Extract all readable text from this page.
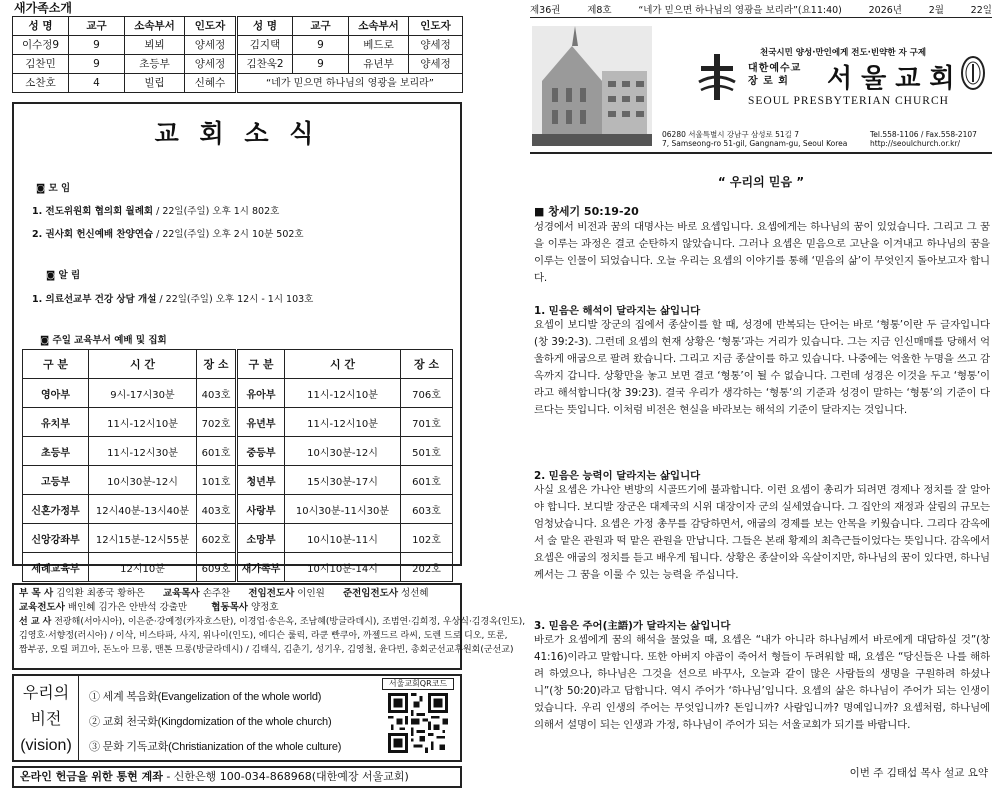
새가족소개
성 명	교구	소속부서	인도자	성 명	교구	소속부서	인도자
이수정9	9	뵈뵈	양세정	김지택	9	베드로	양세정
김찬민	9	초등부	양세정	김찬욱2	9	유년부	양세정
소찬호	4	빌립	신혜수	“네가 믿으면 하나님의 영광을 보리라”			
교 회 소 식
◙ 모 임
1. 전도위원회 협의회 월례회 / 22일(주일) 오후 1시 802호
2. 권사회 헌신예배 찬양연습 / 22일(주일) 오후 2시 10분 502호
◙ 알 림
1. 의료선교부 건강 상담 개설 / 22일(주일) 오후 12시 - 1시 103호
◙ 주일 교육부서 예배 및 집회
구 분	시 간	장 소	구 분	시 간	장 소
영아부	9시-17시30분	403호	유아부	11시-12시10분	706호
유치부	11시-12시10분	702호	유년부	11시-12시10분	701호
초등부	11시-12시30분	601호	중등부	10시30분-12시	501호
고등부	10시30분-12시	101호	청년부	15시30분-17시	601호
신혼가정부	12시40분-13시40분	403호	사랑부	10시30분-11시30분	603호
신앙강좌부	12시15분-12시55분	602호	소망부	10시10분-11시	102호
세례교육부	12시10분	609호	새가족부	10시10분-14시	202호
부 목 사 김익환 최종국 황하은 교육목사 손주찬 전임전도사 이인원 준전임전도사 성선혜
교육전도사 배인혜 김가은 안반석 강출만	협동목사 양정호
선 교 사 전광해(서아시아), 이은준·강예정(카자흐스탄), 이경업·송은옥, 조남혜(방글라데시), 조범연·김희정, 우상식·김경옥(인도),
김영호·서향정(러시아) / 이삭, 비스타파, 사지, 위나이(인도), 에디슨 룰릭, 라쿤 빤쿠아, 까젤드르 라씨, 도렌 드로 디오, 또룬,
짬부공, 오릴 퍼끄아, 돈노아 므롱, 맨톤 므롱(방글라데시) / 김태식, 김춘기, 성기우, 김영철, 윤다빈, 총회군선교후원회(군선교)
우리의
비전
(vision)
① 세계 복음화(Evangelization of the whole world)
② 교회 천국화(Kingdomization of the whole church)
③ 문화 기독교화(Christianization of the whole culture)
서울교회QR코드
온라인 헌금을 위한 통현 계좌 - 신한은행 100-034-868968(대한예장 서울교회)
제36권	제8호	“네가 믿으면 하나님의 영광을 보리라”(요11:40)	2026년	2월	22일
천국시민 양성·만인에게 전도·빈약한 자 구제
대한예수교
장 로 회	서울교회
SEOUL PRESBYTERIAN CHURCH
06280 서울특별시 강남구 삼성로 51길 7
7, Samseong-ro 51-gil, Gangnam-gu, Seoul Korea
Tel.558-1106 / Fax.558-2107
http://seoulchurch.or.kr/
“ 우리의 믿음 ”
■ 창세기 50:19-20
성경에서 비전과 꿈의 대명사는 바로 요셉입니다. 요셉에게는 하나님의 꿈이 있었습니다. 그리고 그 꿈을 이루는 과정은 결코 순탄하지 않았습니다. 그러나 요셉은 믿음으로 고난을 이겨내고 하나님의 꿈을 이루는 인물이 되었습니다. 오늘 우리는 요셉의 이야기를 통해 ‘믿음의 삶’이 무엇인지 돌아보고자 합니다.
1. 믿음은 해석이 달라지는 삶입니다
요셉이 보디발 장군의 집에서 종살이를 할 때, 성경에 반복되는 단어는 바로 ‘형통’이란 두 글자입니다(창 39:2-3). 그런데 요셉의 현재 상황은 ‘형통’과는 거리가 있습니다. 그는 지금 인신매매를 당해서 억울하게 애굽으로 팔려 왔습니다. 그리고 지금 종살이를 하고 있습니다. 나중에는 억울한 누명을 쓰고 감옥까지 갑니다. 상황만을 놓고 보면 결코 ‘형통’이 될 수 없습니다. 그런데 성경은 이것을 두고 ‘형통’이라고 해석합니다(창 39:23). 결국 우리가 생각하는 ‘형통’의 기준과 성경이 말하는 ‘형통’의 기준이 다르다는 뜻입니다. 이처럼 비전은 현실을 바라보는 해석의 기준이 달라지는 것입니다.
2. 믿음은 능력이 달라지는 삶입니다
사실 요셉은 가나안 변방의 시골뜨기에 불과합니다. 이런 요셉이 총리가 되려면 경제나 정치를 잘 알아야 합니다. 보디발 장군은 대제국의 시위 대장이자 군의 실세였습니다. 그 집안의 재정과 살림의 규모는 엄청났습니다. 요셉은 가정 총무를 감당하면서, 애굽의 경제를 보는 안목을 키웠습니다. 그리다 감옥에서 술 맡은 관원과 떡 맡은 관원을 만납니다. 그들은 본래 황제의 최측근들이었다는 뜻입니다. 감옥에서 요셉은 애굽의 정치를 듣고 배우게 됩니다. 상황은 종살이와 옥살이지만, 하나님의 꿈이 있다면, 하나님께서는 그 꿈을 이룰 수 있는 능력을 주십니다.
3. 믿음은 주어(主語)가 달라지는 삶입니다
바로가 요셉에게 꿈의 해석을 물었을 때, 요셉은 “내가 아니라 하나님께서 바로에게 대답하실 것”(창 41:16)이라고 말합니다. 또한 아버지 야곱이 죽어서 형들이 두려워할 때, 요셉은 “당신들은 나를 해하려 하였으나, 하나님은 그것을 선으로 바꾸사, 오늘과 같이 많은 사람들의 생명을 구원하려 하셨나니”(창 50:20)라고 답합니다. 역시 주어가 ‘하나님’입니다. 요셉의 삶은 하나님이 주어가 되는 인생이었습니다. 우리 인생의 주어는 무엇입니까? 돈입니까? 사람입니까? 명예입니까? 요셉처럼, 하나님에 의해서 설명이 되는 인생과 가정, 하나님이 주어가 되는 서울교회가 되기를 바랍니다.
이번 주 김태섭 목사 설교 요약
